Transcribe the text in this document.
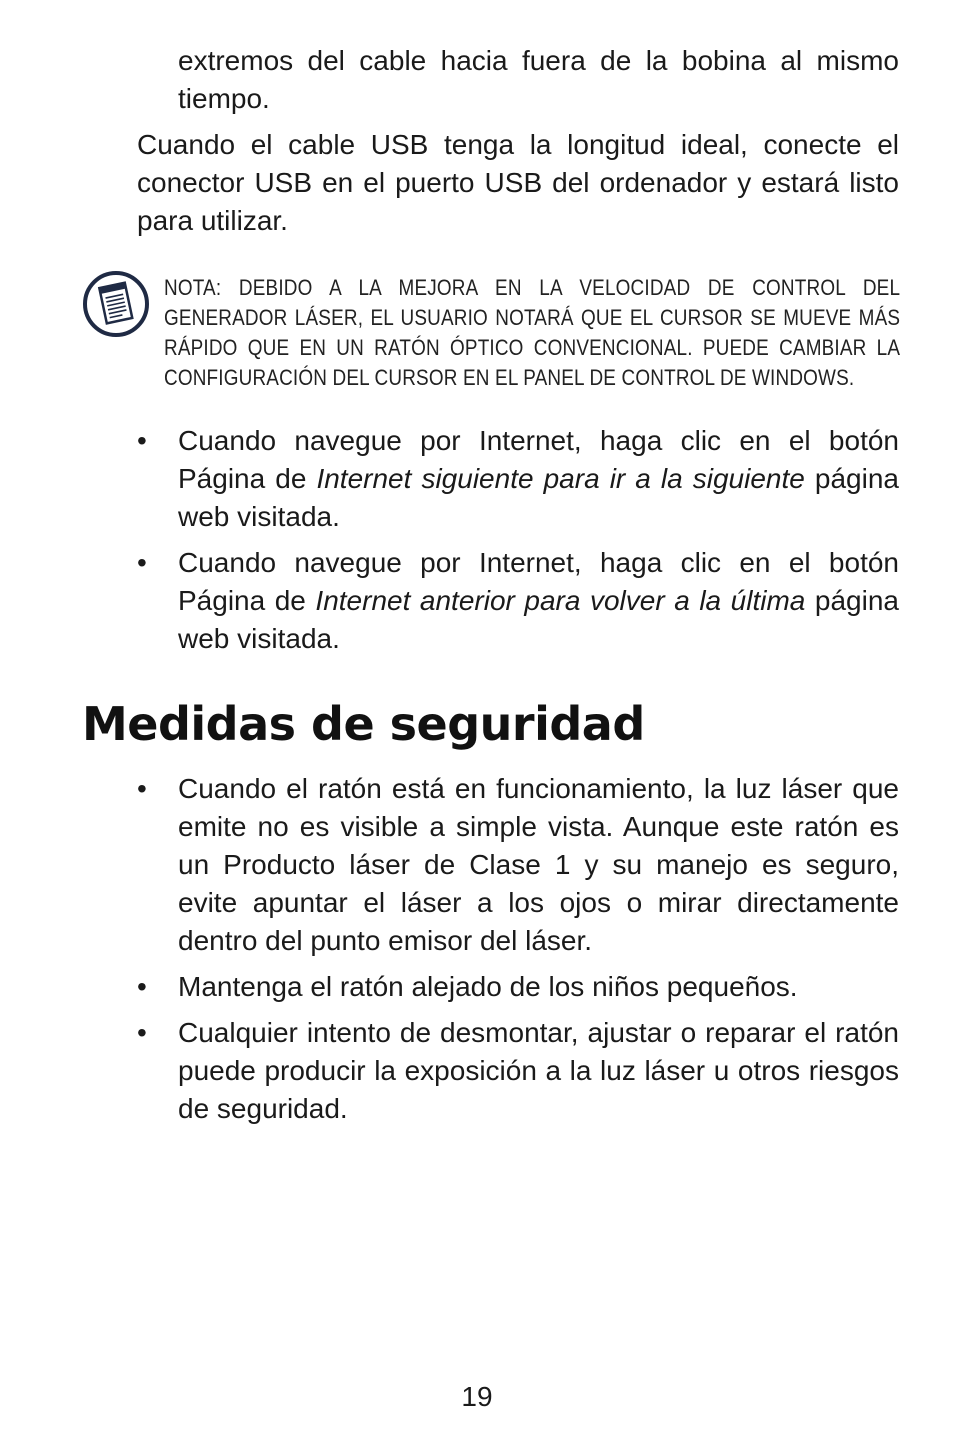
extremos del cable hacia fuera de la bobina al mismo tiempo.

Cuando el cable USB tenga la longitud ideal, conecte el conector USB en el puerto USB del ordenador y estará listo para utilizar.

NOTA: DEBIDO A LA MEJORA EN LA VELOCIDAD DE CONTROL DEL GENERADOR LÁSER, EL USUARIO NOTARÁ QUE EL CURSOR SE MUEVE MÁS RÁPIDO QUE EN UN RATÓN ÓPTICO CONVENCIONAL. PUEDE CAMBIAR LA CONFIGURACIÓN DEL CURSOR EN EL PANEL DE CONTROL DE WINDOWS.
•	Cuando navegue por Internet, haga clic en el botón Página de Internet siguiente para ir a la siguiente página web visitada.
•	Cuando navegue por Internet, haga clic en el botón Página de Internet anterior para volver a la última página web visitada.
Medidas de seguridad
•	Cuando el ratón está en funcionamiento, la luz láser que emite no es visible a simple vista. Aunque este ratón es un Producto láser de Clase 1 y su manejo es seguro, evite apuntar el láser a los ojos o mirar directamente dentro del punto emisor del láser.
•	Mantenga el ratón alejado de los niños pequeños.
•	Cualquier intento de desmontar, ajustar o reparar el ratón puede producir la exposición a la luz láser u otros riesgos de seguridad.
19
